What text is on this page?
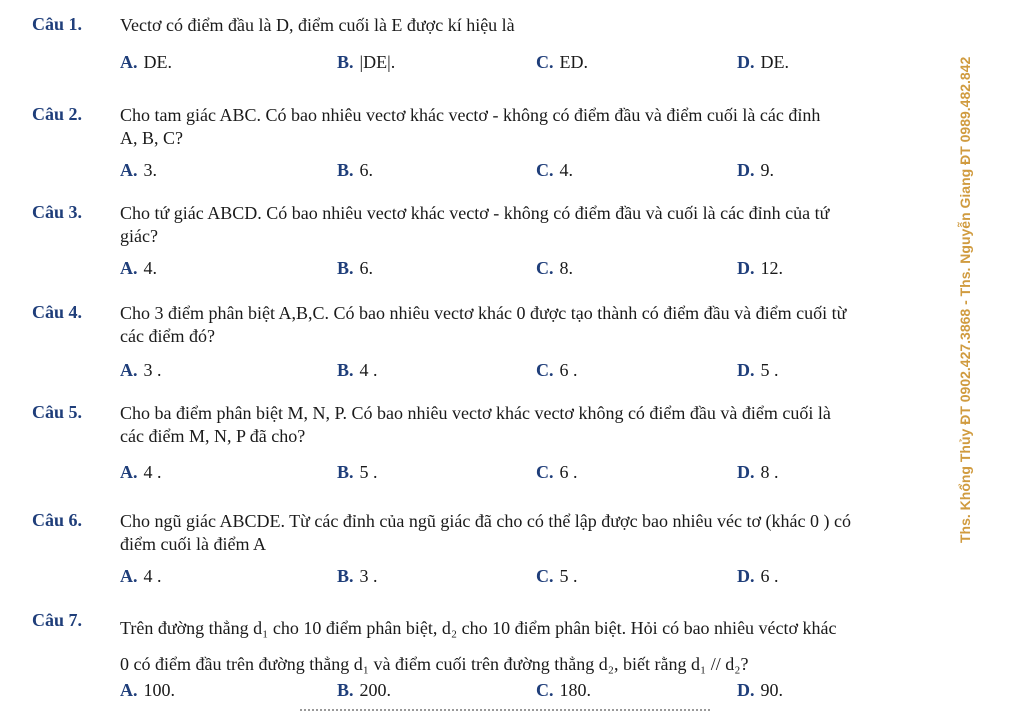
Ths. Khổng Thủy ĐT 0902.427.3868 - Ths. Nguyễn Giang ĐT 0989.482.842
Câu 1. Vectơ có điểm đầu là D, điểm cuối là E được kí hiệu là
A. DE.	B. |DE|.	C. ED.	D. DE.
Câu 2. Cho tam giác ABC. Có bao nhiêu vectơ khác vectơ - không có điểm đầu và điểm cuối là các đỉnh
A, B, C?
A. 3.	B. 6.	C. 4.	D. 9.
Câu 3. Cho tứ giác ABCD. Có bao nhiêu vectơ khác vectơ - không có điểm đầu và cuối là các đỉnh của tứ
giác?
A. 4.	B. 6.	C. 8.	D. 12.
Câu 4. Cho 3 điểm phân biệt A,B,C. Có bao nhiêu vectơ khác 0 được tạo thành có điểm đầu và điểm cuối từ
các điểm đó?
A. 3 .	B. 4 .	C. 6 .	D. 5 .
Câu 5. Cho ba điểm phân biệt M, N, P. Có bao nhiêu vectơ khác vectơ không có điểm đầu và điểm cuối là
các điểm M, N, P đã cho?
A. 4 .	B. 5 .	C. 6 .	D. 8 .
Câu 6. Cho ngũ giác ABCDE. Từ các đỉnh của ngũ giác đã cho có thể lập được bao nhiêu véc tơ (khác 0 ) có
điểm cuối là điểm A
A. 4 .	B. 3 .	C. 5 .	D. 6 .
Câu 7. Trên đường thẳng d₁ cho 10 điểm phân biệt, d₂ cho 10 điểm phân biệt. Hỏi có bao nhiêu véctơ khác
0 có điểm đầu trên đường thẳng d₁ và điểm cuối trên đường thẳng d₂, biết rằng d₁ // d₂?
A. 100.	B. 200.	C. 180.	D. 90.
